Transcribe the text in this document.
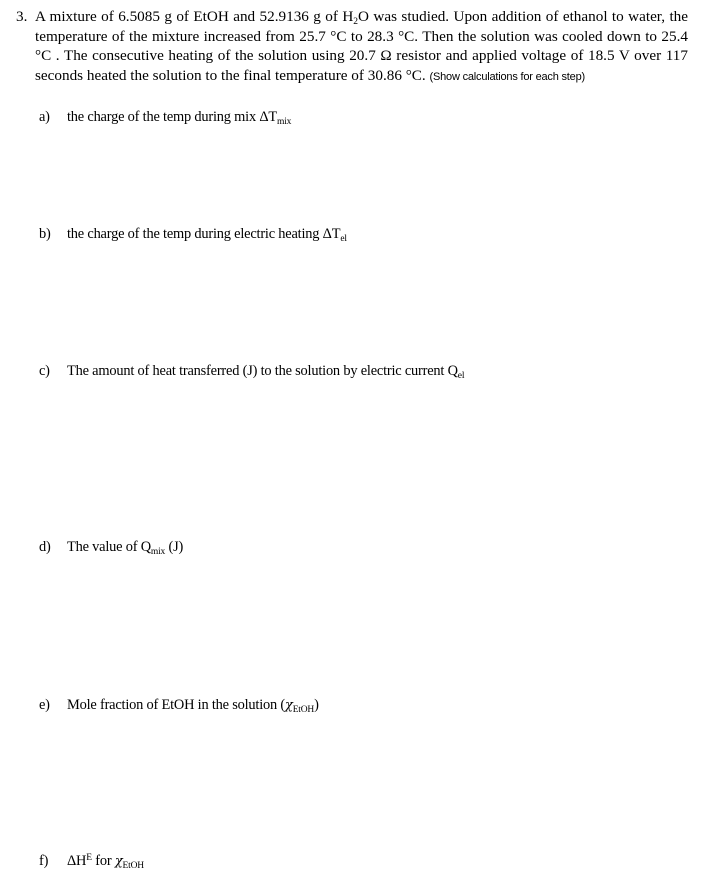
3. A mixture of 6.5085 g of EtOH and 52.9136 g of $H_2O$ was studied. Upon addition of ethanol to water, the temperature of the mixture increased from 25.7 °C to 28.3 °C. Then the solution was cooled down to 25.4 °C . The consecutive heating of the solution using 20.7 Ω resistor and applied voltage of 18.5 V over 117 seconds heated the solution to the final temperature of 30.86 °C. (Show calculations for each step)
a) the charge of the temp during mix $\Delta T_{mix}$
b) the charge of the temp during electric heating $\Delta T_{el}$
c) The amount of heat transferred (J) to the solution by electric current $Q_{el}$
d) The value of $Q_{mix}$ (J)
e) Mole fraction of EtOH in the solution $(\chi_{EtOH})$
f) $\Delta H^E$ for $\chi_{EtOH}$
